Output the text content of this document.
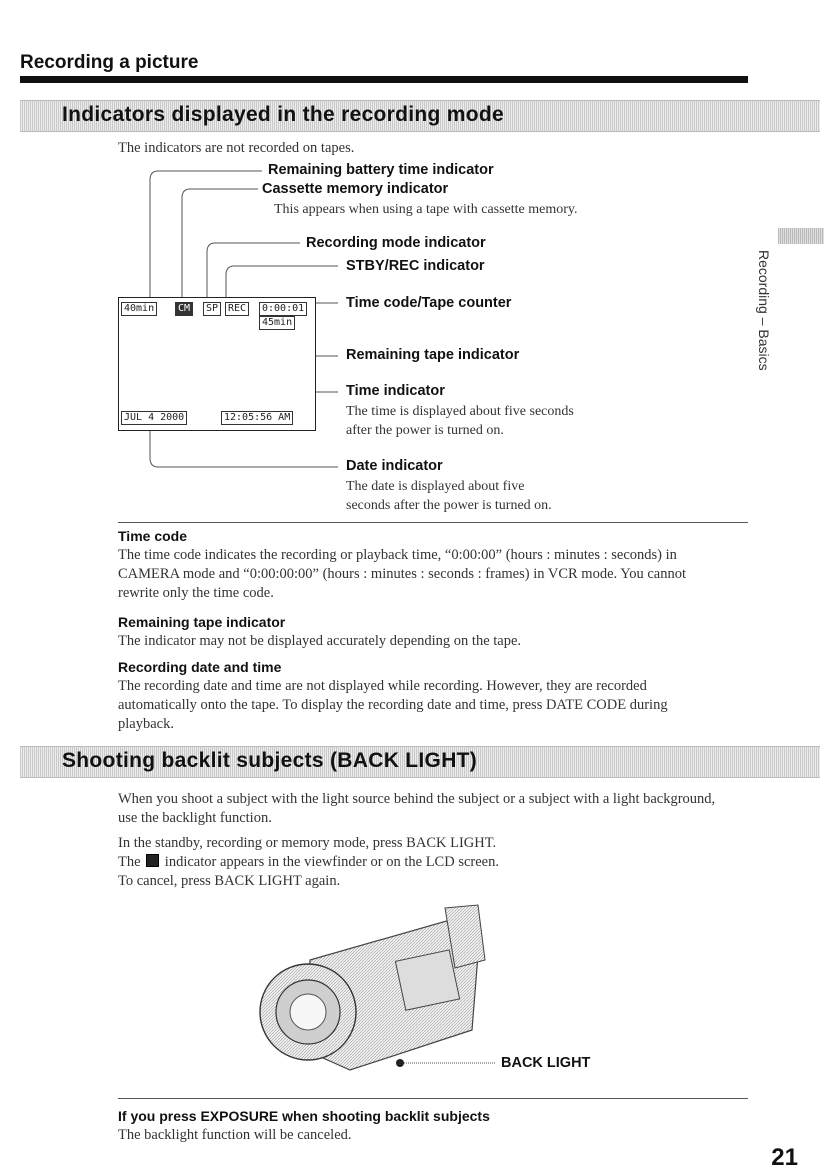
Recording a picture
Indicators displayed in the recording mode
The indicators are not recorded on tapes.
40min	CM	SP REC	0:00:01
45min
JUL 4 2000	12:05:56 AM
Remaining battery time indicator
Cassette memory indicator
This appears when using a tape with cassette memory.
Recording mode indicator
STBY/REC indicator
Time code/Tape counter
Remaining tape indicator
Time indicator
The time is displayed about five seconds
after the power is turned on.
Date indicator
The date is displayed about five
seconds after the power is turned on.
Time code
The time code indicates the recording or playback time, “0:00:00” (hours : minutes : seconds) in CAMERA mode and “0:00:00:00” (hours : minutes : seconds : frames) in VCR mode. You cannot rewrite only the time code.
Remaining tape indicator
The indicator may not be displayed accurately depending on the tape.
Recording date and time
The recording date and time are not displayed while recording. However, they are recorded automatically onto the tape. To display the recording date and time, press DATE CODE during playback.
Shooting backlit subjects (BACK LIGHT)
When you shoot a subject with the light source behind the subject or a subject with a light background, use the backlight function.
In the standby, recording or memory mode, press BACK LIGHT.
The indicator appears in the viewfinder or on the LCD screen.
To cancel, press BACK LIGHT again.
BACK LIGHT
If you press EXPOSURE when shooting backlit subjects
The backlight function will be canceled.
Recording – Basics
21
